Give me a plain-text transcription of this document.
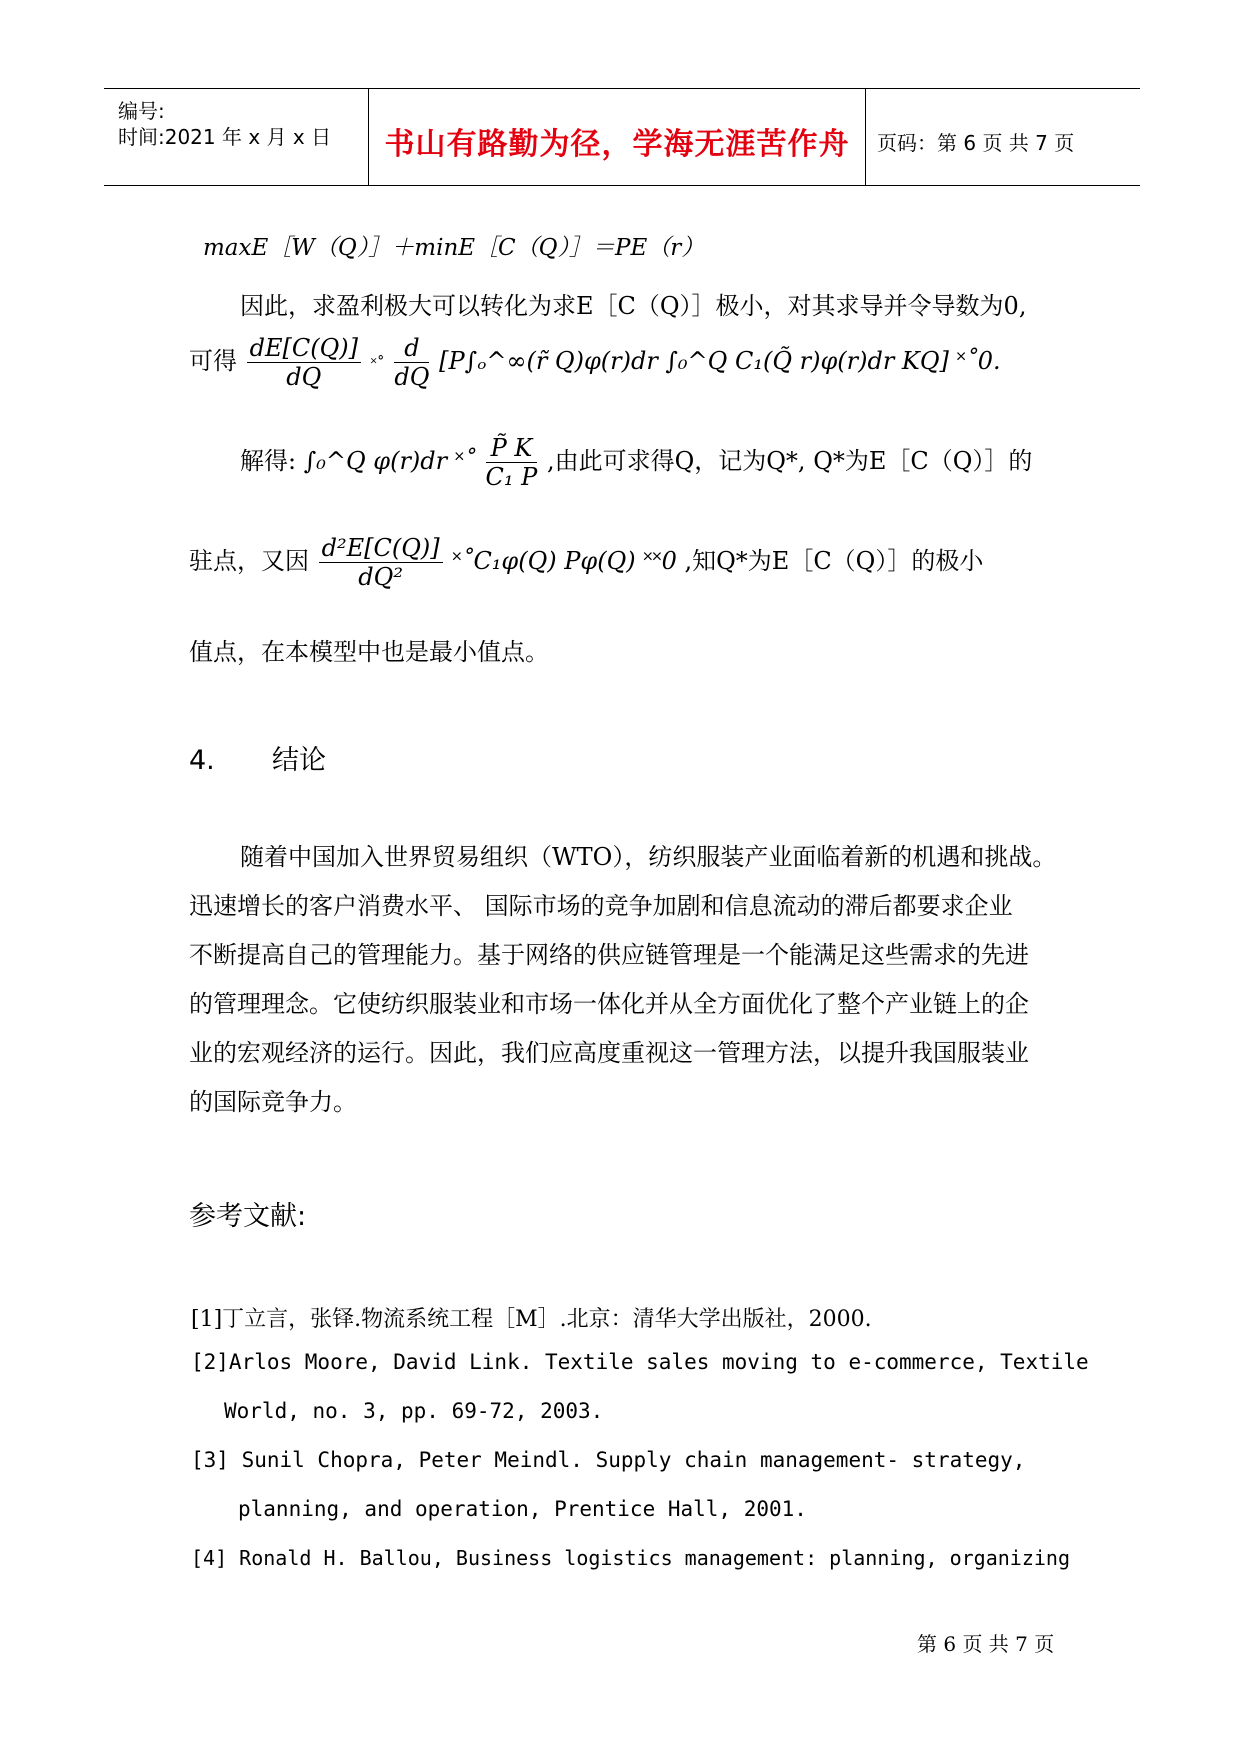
编号:
时间:2021 年 x 月 x 日	书山有路勤为径，学海无涯苦作舟	页码：第 6 页 共 7 页
maxE［W（Q）］＋minE［C（Q）］＝PE（r）
因此，求盈利极大可以转化为求E［C（Q）］极小，对其求导并令导数为0,
可得 $\frac{dE[C(Q)]}{dQ}$ ˟˚ $\frac{d}{dQ}$ [P∫ₒ^∞(r̃ Q)φ(r)dr ∫₀^Q C₁(Q̃ r)φ(r)dr KQ] ˟˚0.
解得: ∫₀^Q φ(r)dr ˟˚ $\frac{P̃ K}{\text{C₁ P}}$ ,由此可求得Q，记为Q*, Q*为E［C（Q）］的
驻点，又因 $\frac{\text{d²E[C(Q)]}}{\text{dQ²}}$ ˟˚C₁φ(Q) Pφ(Q) ˟˟0 ,知Q*为E［C（Q）］的极小
值点，在本模型中也是最小值点。
4. 结论
随着中国加入世界贸易组织（WTO），纺织服装产业面临着新的机遇和挑战。
迅速增长的客户消费水平、 国际市场的竞争加剧和信息流动的滞后都要求企业
不断提高自己的管理能力。基于网络的供应链管理是一个能满足这些需求的先进
的管理理念。它使纺织服装业和市场一体化并从全方面优化了整个产业链上的企
业的宏观经济的运行。因此，我们应高度重视这一管理方法，以提升我国服装业
的国际竞争力。
参考文献:
[1]丁立言，张铎.物流系统工程［M］.北京：清华大学出版社，2000.
[2]Arlos Moore, David Link. Textile sales moving to e-commerce, Textile
World, no. 3, pp. 69-72, 2003.
[3] Sunil Chopra, Peter Meindl. Supply chain management- strategy,
planning, and operation, Prentice Hall, 2001.
[4] Ronald H. Ballou, Business logistics management: planning, organizing
第 6 页 共 7 页
